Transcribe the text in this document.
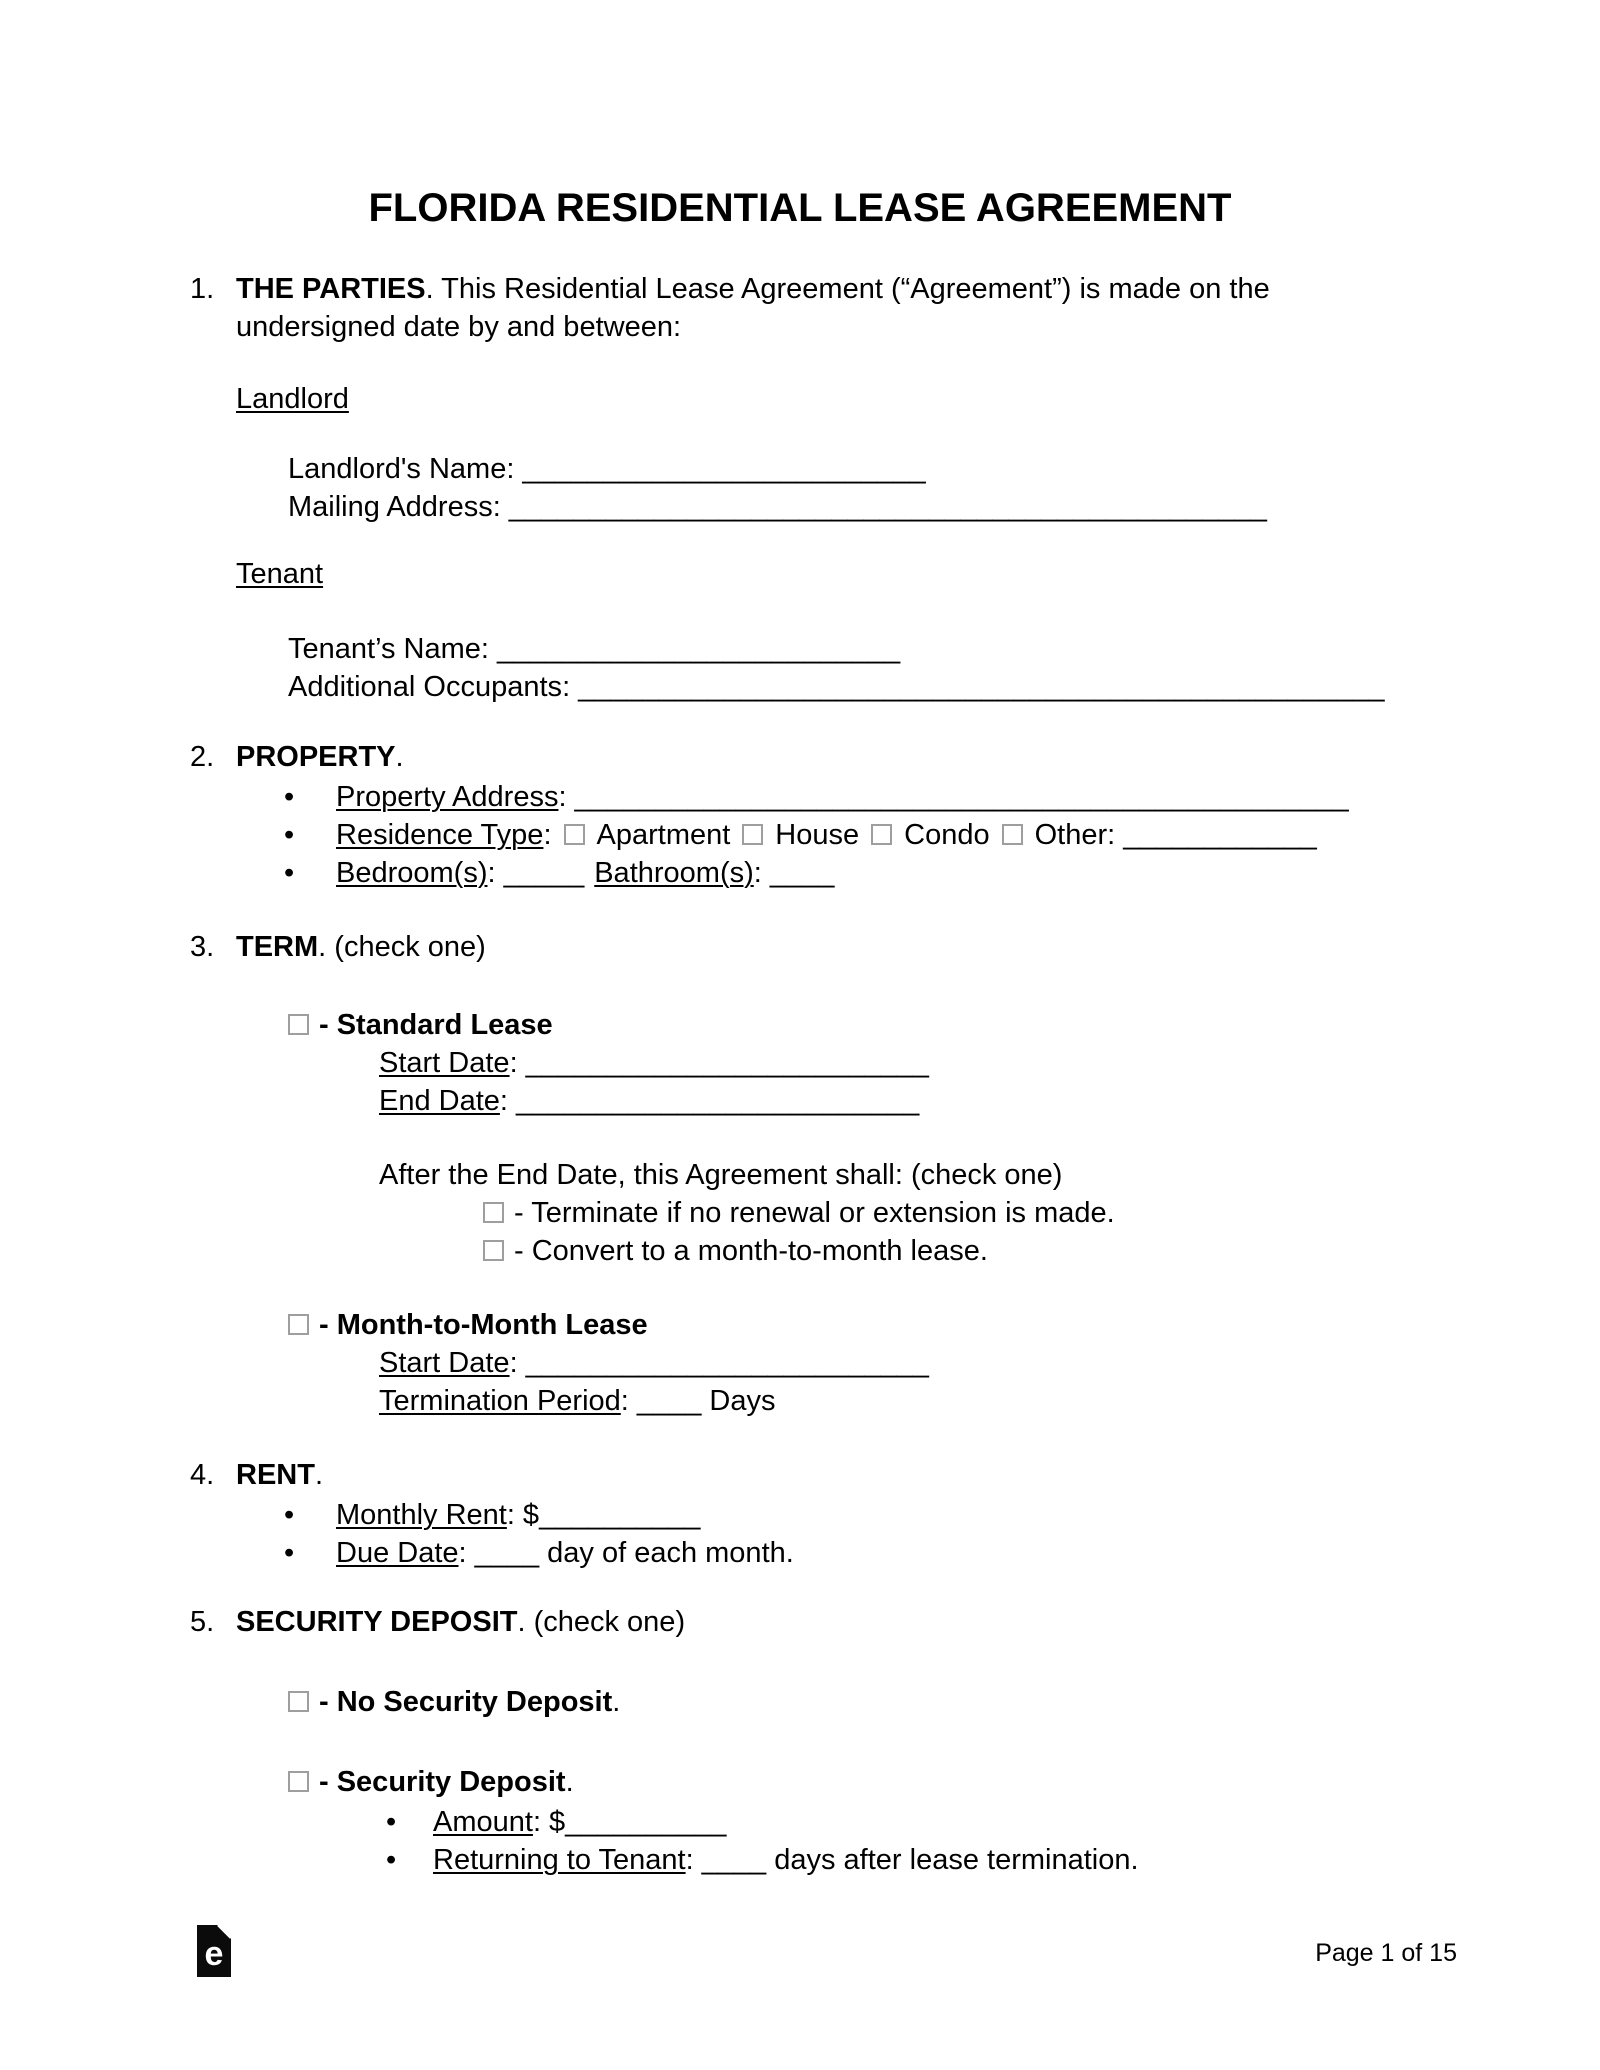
FLORIDA RESIDENTIAL LEASE AGREEMENT
1. THE PARTIES. This Residential Lease Agreement (“Agreement”) is made on the
undersigned date by and between:
Landlord
Landlord's Name: _________________________
Mailing Address: _______________________________________________
Tenant
Tenant’s Name: _________________________
Additional Occupants: __________________________________________________
2. PROPERTY.
• Property Address: ________________________________________________
• Residence Type: Apartment House Condo Other: ____________
• Bedroom(s): _____ Bathroom(s): ____
3. TERM. (check one)
- Standard Lease
Start Date: _________________________
End Date: _________________________
After the End Date, this Agreement shall: (check one)
- Terminate if no renewal or extension is made.
- Convert to a month-to-month lease.
- Month-to-Month Lease
Start Date: _________________________
Termination Period: ____ Days
4. RENT.
• Monthly Rent: $__________
• Due Date: ____ day of each month.
5. SECURITY DEPOSIT. (check one)
- No Security Deposit.
- Security Deposit.
• Amount: $__________
• Returning to Tenant: ____ days after lease termination.
e	Page 1 of 15
